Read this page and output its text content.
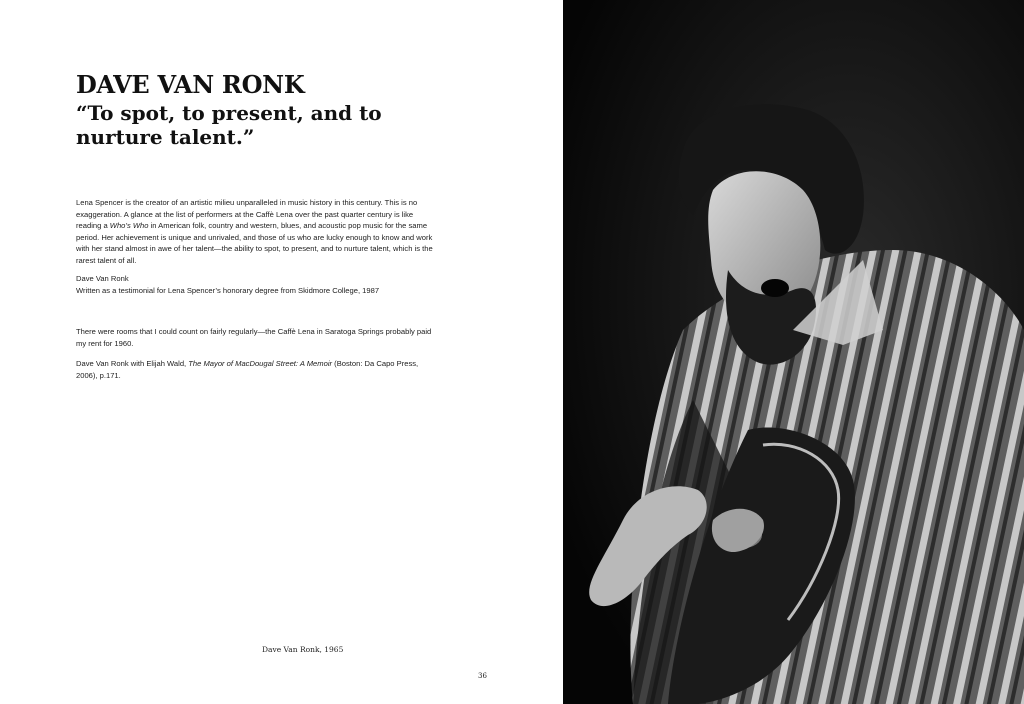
DAVE VAN RONK
“To spot, to present, and to nurture talent.”

Lena Spencer is the creator of an artistic milieu unparalleled in music history in this century. This is no exaggeration. A glance at the list of performers at the Caffè Lena over the past quarter century is like reading a Who’s Who in American folk, country and western, blues, and acoustic pop music for the same period. Her achievement is unique and unrivaled, and those of us who are lucky enough to know and work with her stand almost in awe of her talent—the ability to spot, to present, and to nurture talent, which is the rarest talent of all.

Dave Van Ronk
Written as a testimonial for Lena Spencer’s honorary degree from Skidmore College, 1987

There were rooms that I could count on fairly regularly—the Caffè Lena in Saratoga Springs probably paid my rent for 1960.

Dave Van Ronk with Elijah Wald, The Mayor of MacDougal Street: A Memoir (Boston: Da Capo Press, 2006), p.171.

Dave Van Ronk, 1965

36
